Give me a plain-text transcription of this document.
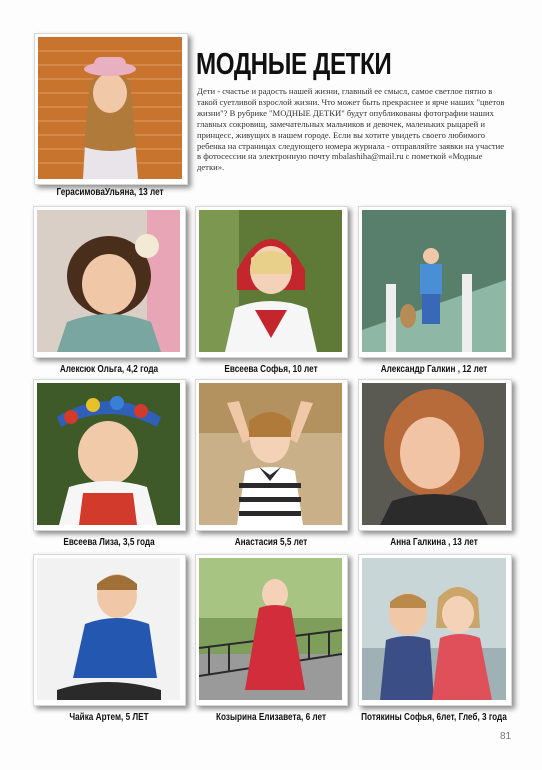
ГерасимоваУльяна, 13 лет
МОДНЫЕ ДЕТКИ
Дети - счастье и радость нашей жизни, главный ее смысл, самое светлое пятно в такой суетливой взрослой жизни. Что может быть прекраснее и ярче наших "цветов жизни"? В рубрике "МОДНЫЕ ДЕТКИ" будут опубликованы фотографии наших главных сокровищ, замечательных мальчиков и девочек, маленьких рыцарей и принцесс, живущих в нашем городе. Если вы хотите увидеть своего любимого ребенка на страницах следующего номера журнала - отправляйте заявки на участие в фотосессии на электронную почту mbalashiha@mail.ru с пометкой «Модные детки».
Алексюк Ольга, 4,2 года	Евсеева Софья, 10 лет	Александр Галкин , 12 лет
Евсеева Лиза, 3,5 года	Анастасия 5,5 лет	Анна Галкина , 13 лет
Чайка Артем, 5 ЛЕТ	Козырина Елизавета, 6 лет	Потякины Софья, 6лет, Глеб, 3 года
81
